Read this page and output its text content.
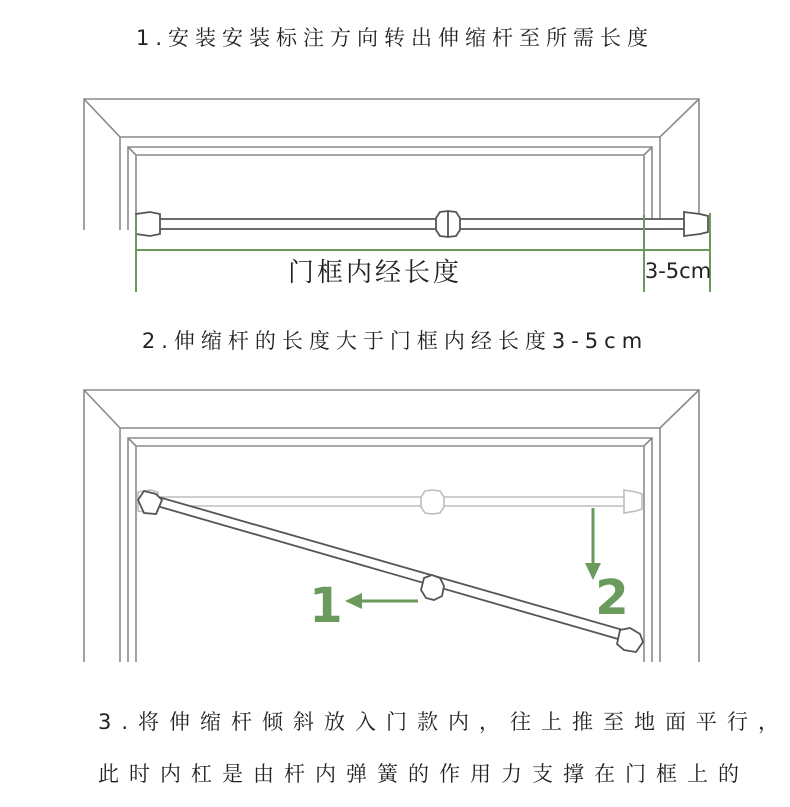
1.安装安装标注方向转出伸缩杆至所需长度
门框内经长度	3-5cm
1	2
2.伸缩杆的长度大于门框内经长度3-5cm
3.将伸缩杆倾斜放入门款内，往上推至地面平行，
此时内杠是由杆内弹簧的作用力支撑在门框上的
